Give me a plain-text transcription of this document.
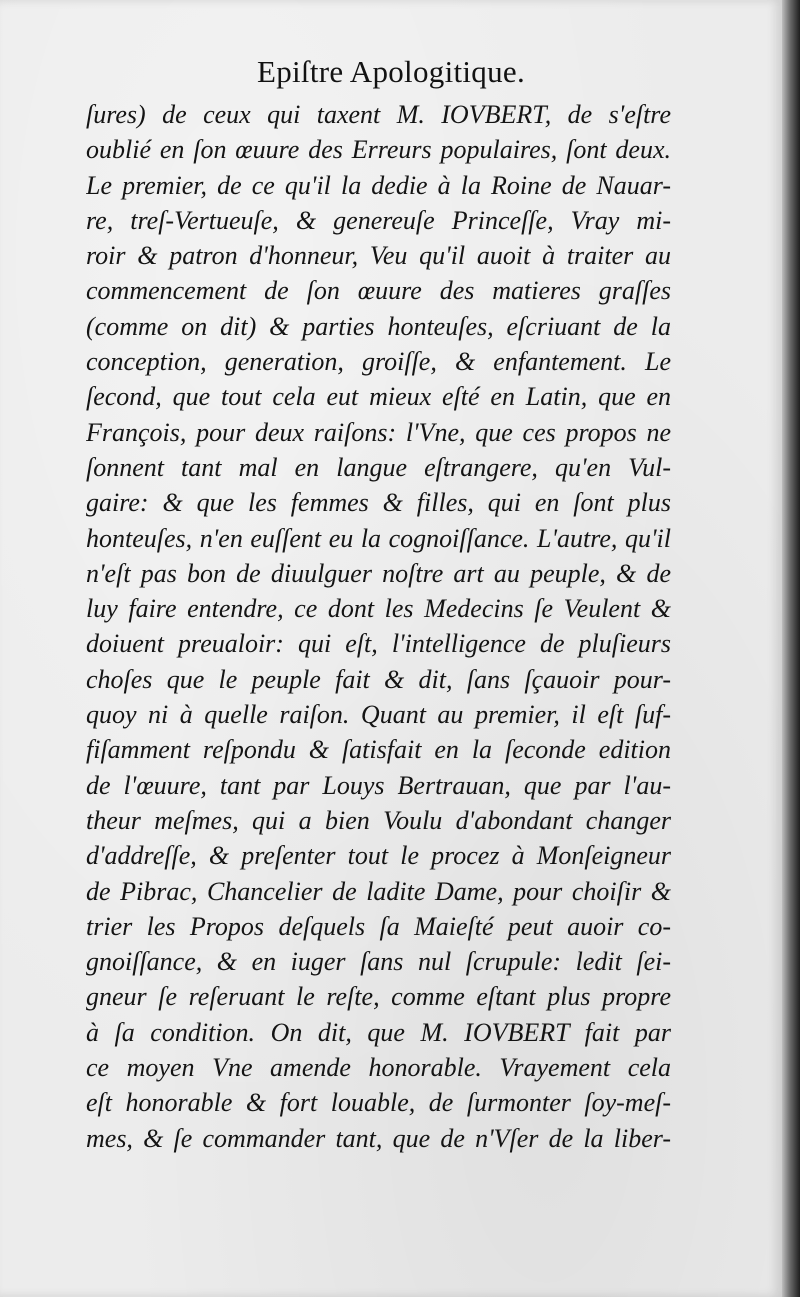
Epiſtre Apologitique.
ſures) de ceux qui taxent M. IOVBERT, de s'eſtre
oublié en ſon œuure des Erreurs populaires, ſont deux.
Le premier, de ce qu'il la dedie à la Roine de Nauar-
re, treſ-Vertueuſe, & genereuſe Princeſſe, Vray mi-
roir & patron d'honneur, Veu qu'il auoit à traiter au
commencement de ſon œuure des matieres graſſes
(comme on dit) & parties honteuſes, eſcriuant de la
conception, generation, groiſſe, & enfantement. Le
ſecond, que tout cela eut mieux eſté en Latin, que en
François, pour deux raiſons: l'Vne, que ces propos ne
ſonnent tant mal en langue eſtrangere, qu'en Vul-
gaire: & que les femmes & filles, qui en ſont plus
honteuſes, n'en euſſent eu la cognoiſſance. L'autre, qu'il
n'eſt pas bon de diuulguer noſtre art au peuple, & de
luy faire entendre, ce dont les Medecins ſe Veulent &
doiuent preualoir: qui eſt, l'intelligence de pluſieurs
choſes que le peuple fait & dit, ſans ſçauoir pour-
quoy ni à quelle raiſon. Quant au premier, il eſt ſuf-
fiſamment reſpondu & ſatisfait en la ſeconde edition
de l'œuure, tant par Louys Bertrauan, que par l'au-
theur meſmes, qui a bien Voulu d'abondant changer
d'addreſſe, & preſenter tout le procez à Monſeigneur
de Pibrac, Chancelier de ladite Dame, pour choiſir &
trier les Propos deſquels ſa Maieſté peut auoir co-
gnoiſſance, & en iuger ſans nul ſcrupule: ledit ſei-
gneur ſe reſeruant le reſte, comme eſtant plus propre
à ſa condition. On dit, que M. IOVBERT fait par
ce moyen Vne amende honorable. Vrayement cela
eſt honorable & fort louable, de ſurmonter ſoy-meſ-
mes, & ſe commander tant, que de n'Vſer de la liber-
